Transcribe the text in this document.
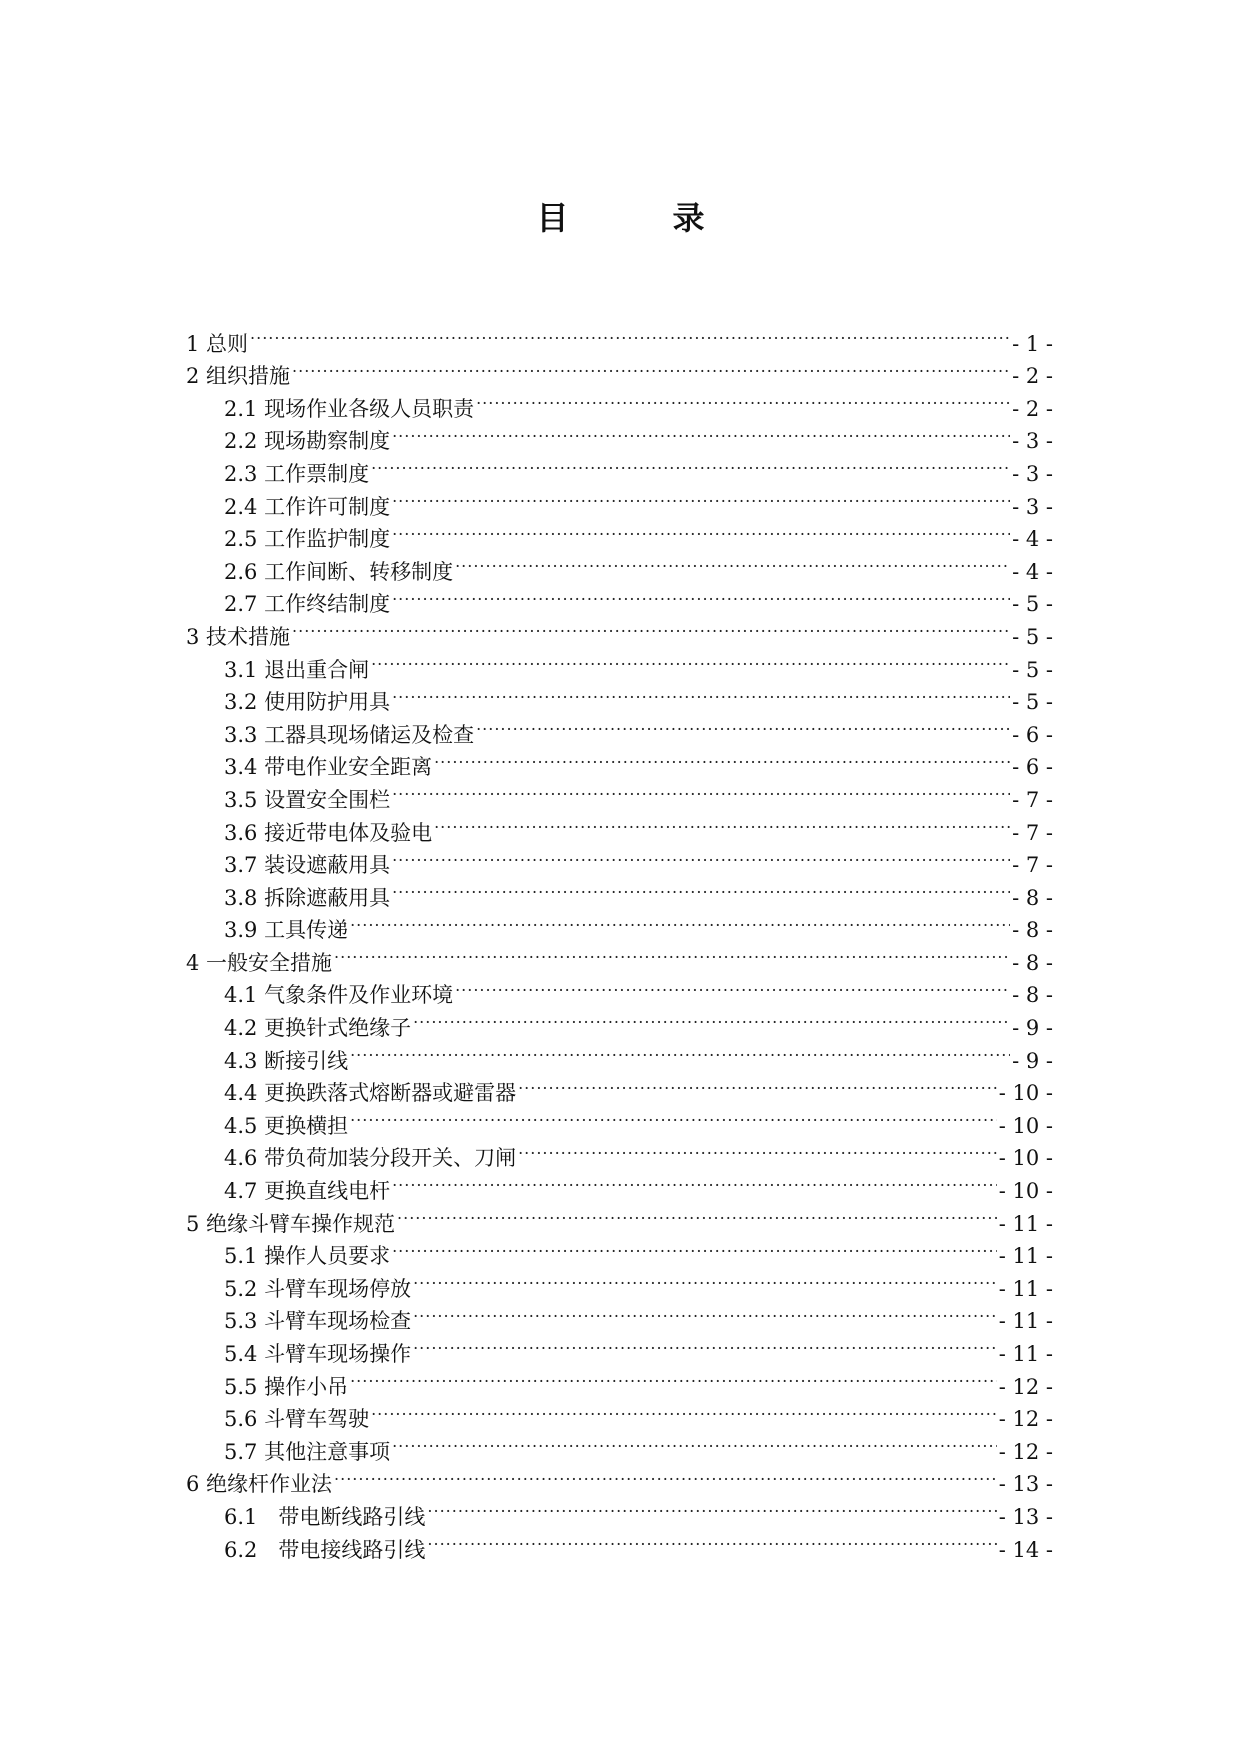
目　录
1 总则 .....	- 1 -
2 组织措施 .....	- 2 -
2.1 现场作业各级人员职责 .....	- 2 -
2.2 现场勘察制度 .....	- 3 -
2.3 工作票制度 .....	- 3 -
2.4 工作许可制度 .....	- 3 -
2.5 工作监护制度 .....	- 4 -
2.6 工作间断、转移制度 .....	- 4 -
2.7 工作终结制度 .....	- 5 -
3 技术措施 .....	- 5 -
3.1 退出重合闸 .....	- 5 -
3.2 使用防护用具 .....	- 5 -
3.3 工器具现场储运及检查 .....	- 6 -
3.4 带电作业安全距离 .....	- 6 -
3.5 设置安全围栏 .....	- 7 -
3.6 接近带电体及验电 .....	- 7 -
3.7 装设遮蔽用具 .....	- 7 -
3.8 拆除遮蔽用具 .....	- 8 -
3.9 工具传递 .....	- 8 -
4 一般安全措施 .....	- 8 -
4.1 气象条件及作业环境 .....	- 8 -
4.2 更换针式绝缘子 .....	- 9 -
4.3 断接引线 .....	- 9 -
4.4 更换跌落式熔断器或避雷器 .....	- 10 -
4.5 更换横担 .....	- 10 -
4.6 带负荷加装分段开关、刀闸 .....	- 10 -
4.7 更换直线电杆 .....	- 10 -
5 绝缘斗臂车操作规范 .....	- 11 -
5.1 操作人员要求 .....	- 11 -
5.2 斗臂车现场停放 .....	- 11 -
5.3 斗臂车现场检查 .....	- 11 -
5.4 斗臂车现场操作 .....	- 11 -
5.5 操作小吊 .....	- 12 -
5.6 斗臂车驾驶 .....	- 12 -
5.7 其他注意事项 .....	- 12 -
6 绝缘杆作业法 .....	- 13 -
6.1　带电断线路引线 .....	- 13 -
6.2　带电接线路引线 .....	- 14 -
